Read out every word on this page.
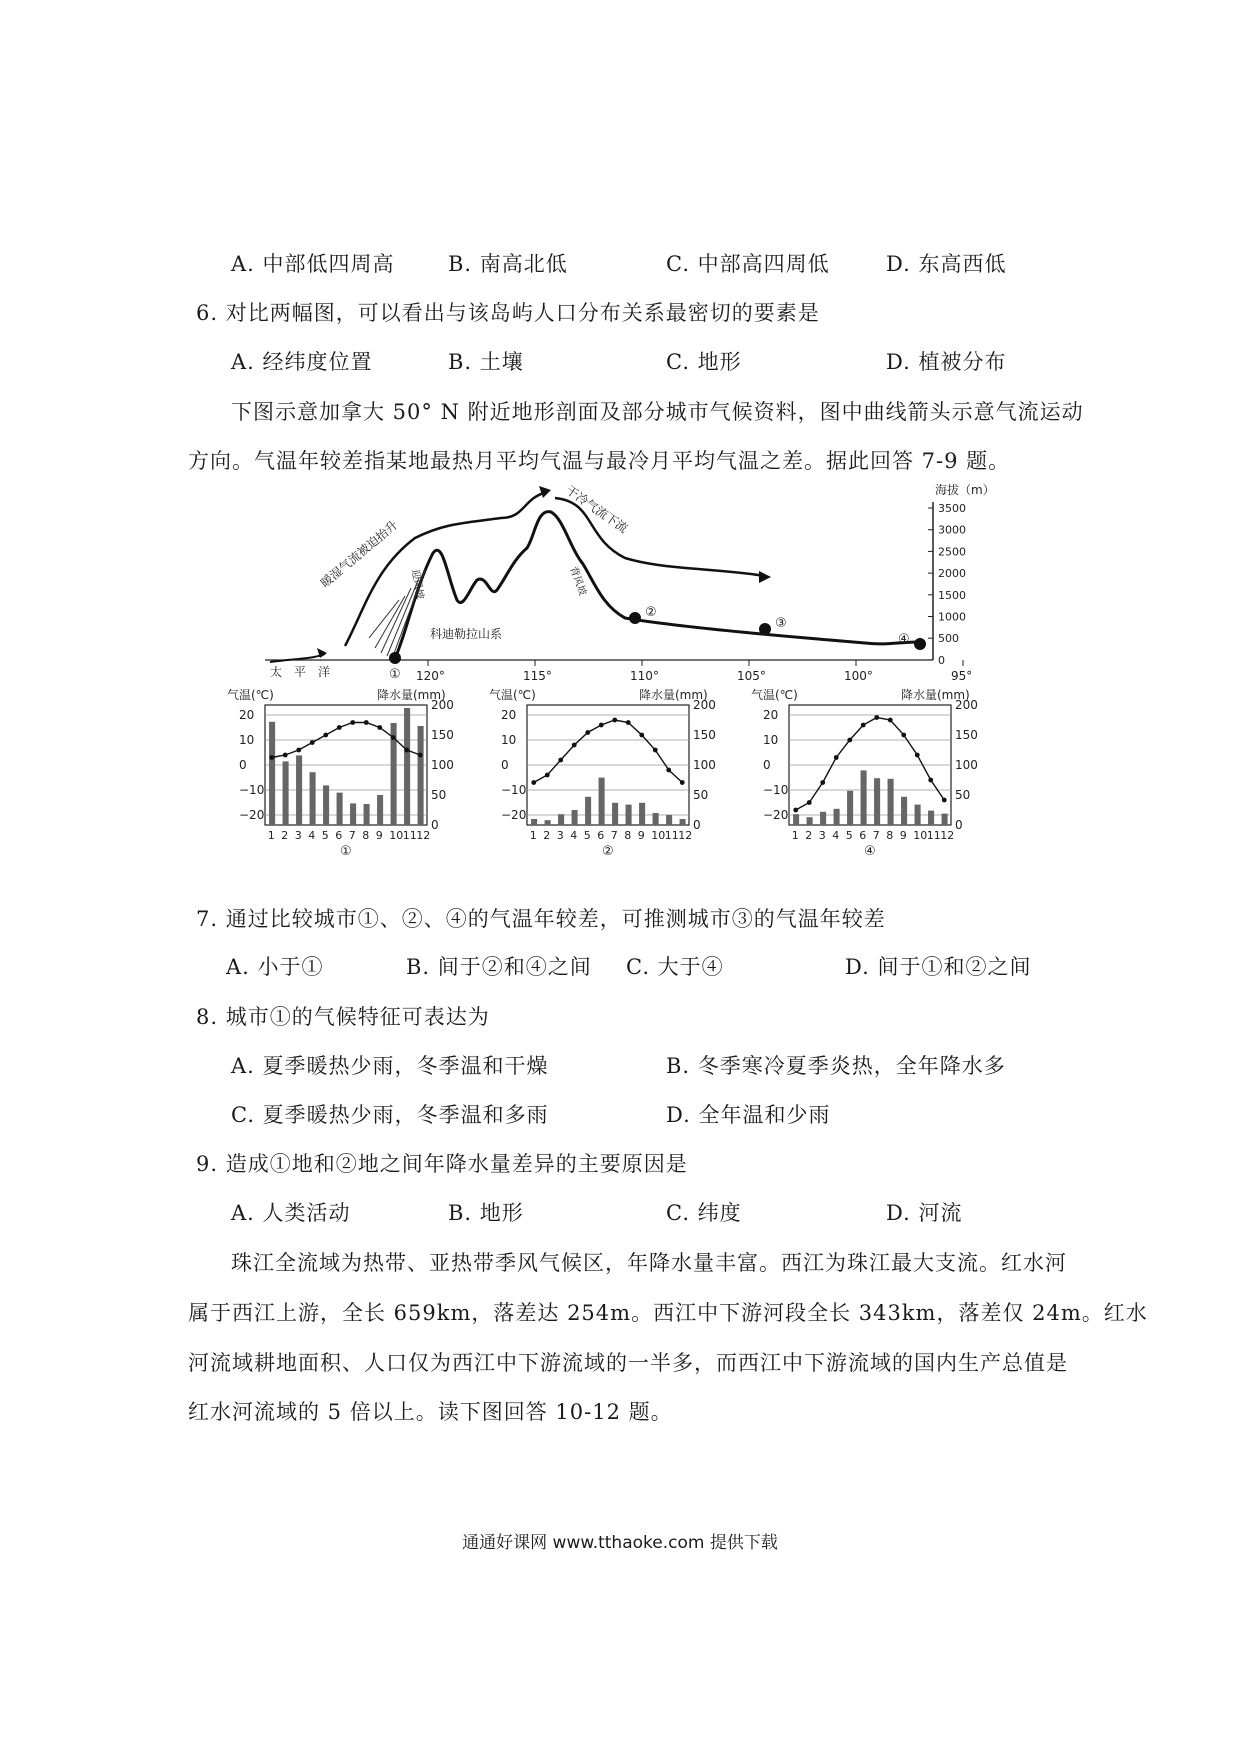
A. 中部低四周高	B. 南高北低	C. 中部高四周低	D. 东高西低
6. 对比两幅图，可以看出与该岛屿人口分布关系最密切的要素是
A. 经纬度位置	B. 土壤	C. 地形	D. 植被分布
下图示意加拿大 50° N 附近地形剖面及部分城市气候资料，图中曲线箭头示意气流运动
方向。气温年较差指某地最热月平均气温与最冷月平均气温之差。据此回答 7-9 题。
海拔（m）
3500
3000
2500
2000
1500
1000
500
0
120°	115°	110°	105°	100°	95°
太　平　洋
暖湿气流被迫抬升
干冷气流下流
科迪勒拉山系
迎风坡	背风坡
①
②
③
④
气温(℃)	降水量(mm)
20
10
0
−10
−20
200
150
100
50
0
1 2 3 4 5 6 7 8 9 10 11 12
①
气温(℃)	降水量(mm)
20
10
0
−10
−20
200
150
100
50
0
1 2 3 4 5 6 7 8 9 10 11 12
②
气温(℃)	降水量(mm)
20
10
0
−10
−20
200
150
100
50
0
1 2 3 4 5 6 7 8 9 10 11 12
④
7. 通过比较城市①、②、④的气温年较差，可推测城市③的气温年较差
A. 小于①	B. 间于②和④之间 C. 大于④	D. 间于①和②之间
8. 城市①的气候特征可表达为
A. 夏季暖热少雨，冬季温和干燥	B. 冬季寒冷夏季炎热，全年降水多
C. 夏季暖热少雨，冬季温和多雨	D. 全年温和少雨
9. 造成①地和②地之间年降水量差异的主要原因是
A. 人类活动	B. 地形	C. 纬度	D. 河流
珠江全流域为热带、亚热带季风气候区，年降水量丰富。西江为珠江最大支流。红水河
属于西江上游，全长 659km，落差达 254m。西江中下游河段全长 343km，落差仅 24m。红水
河流域耕地面积、人口仅为西江中下游流域的一半多，而西江中下游流域的国内生产总值是
红水河流域的 5 倍以上。读下图回答 10-12 题。
通通好课网 www.tthaoke.com 提供下载
